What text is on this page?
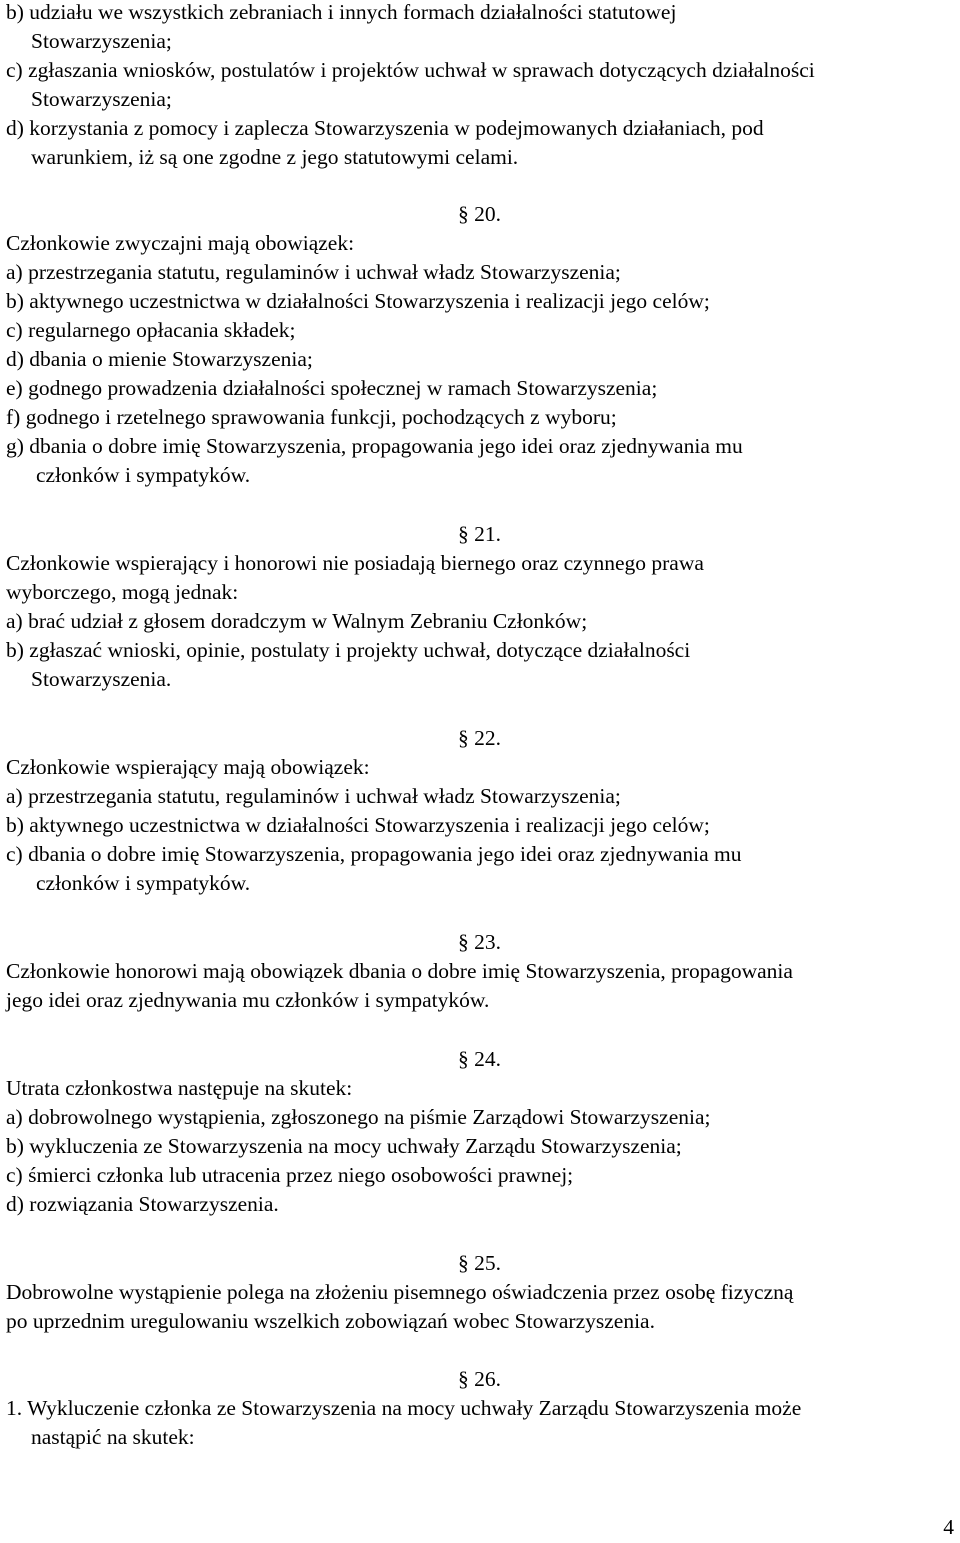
b) udziału we wszystkich zebraniach i innych formach działalności statutowej
Stowarzyszenia;
c) zgłaszania wniosków, postulatów i projektów uchwał w sprawach dotyczących działalności
Stowarzyszenia;
d) korzystania z pomocy i zaplecza Stowarzyszenia w podejmowanych działaniach, pod
warunkiem, iż są one zgodne z jego statutowymi celami.
§ 20.
Członkowie zwyczajni mają obowiązek:
a) przestrzegania statutu, regulaminów i uchwał władz Stowarzyszenia;
b) aktywnego uczestnictwa w działalności Stowarzyszenia i realizacji jego celów;
c) regularnego opłacania składek;
d) dbania o mienie Stowarzyszenia;
e) godnego prowadzenia działalności społecznej w ramach Stowarzyszenia;
f) godnego i rzetelnego sprawowania funkcji, pochodzących z wyboru;
g) dbania o dobre imię Stowarzyszenia, propagowania jego idei oraz zjednywania mu
członków i sympatyków.
§ 21.
Członkowie wspierający i honorowi nie posiadają biernego oraz czynnego prawa
wyborczego, mogą jednak:
a) brać udział z głosem doradczym w Walnym Zebraniu Członków;
b) zgłaszać wnioski, opinie, postulaty i projekty uchwał, dotyczące działalności
Stowarzyszenia.
§ 22.
Członkowie wspierający mają obowiązek:
a) przestrzegania statutu, regulaminów i uchwał władz Stowarzyszenia;
b) aktywnego uczestnictwa w działalności Stowarzyszenia i realizacji jego celów;
c) dbania o dobre imię Stowarzyszenia, propagowania jego idei oraz zjednywania mu
członków i sympatyków.
§ 23.
Członkowie honorowi mają obowiązek dbania o dobre imię Stowarzyszenia, propagowania
jego idei oraz zjednywania mu członków i sympatyków.
§ 24.
Utrata członkostwa następuje na skutek:
a) dobrowolnego wystąpienia, zgłoszonego na piśmie Zarządowi Stowarzyszenia;
b) wykluczenia ze Stowarzyszenia na mocy uchwały Zarządu Stowarzyszenia;
c) śmierci członka lub utracenia przez niego osobowości prawnej;
d) rozwiązania Stowarzyszenia.
§ 25.
Dobrowolne wystąpienie polega na złożeniu pisemnego oświadczenia przez osobę fizyczną
po uprzednim uregulowaniu wszelkich zobowiązań wobec Stowarzyszenia.
§ 26.
1. Wykluczenie członka ze Stowarzyszenia na mocy uchwały Zarządu Stowarzyszenia może
nastąpić na skutek:
4
